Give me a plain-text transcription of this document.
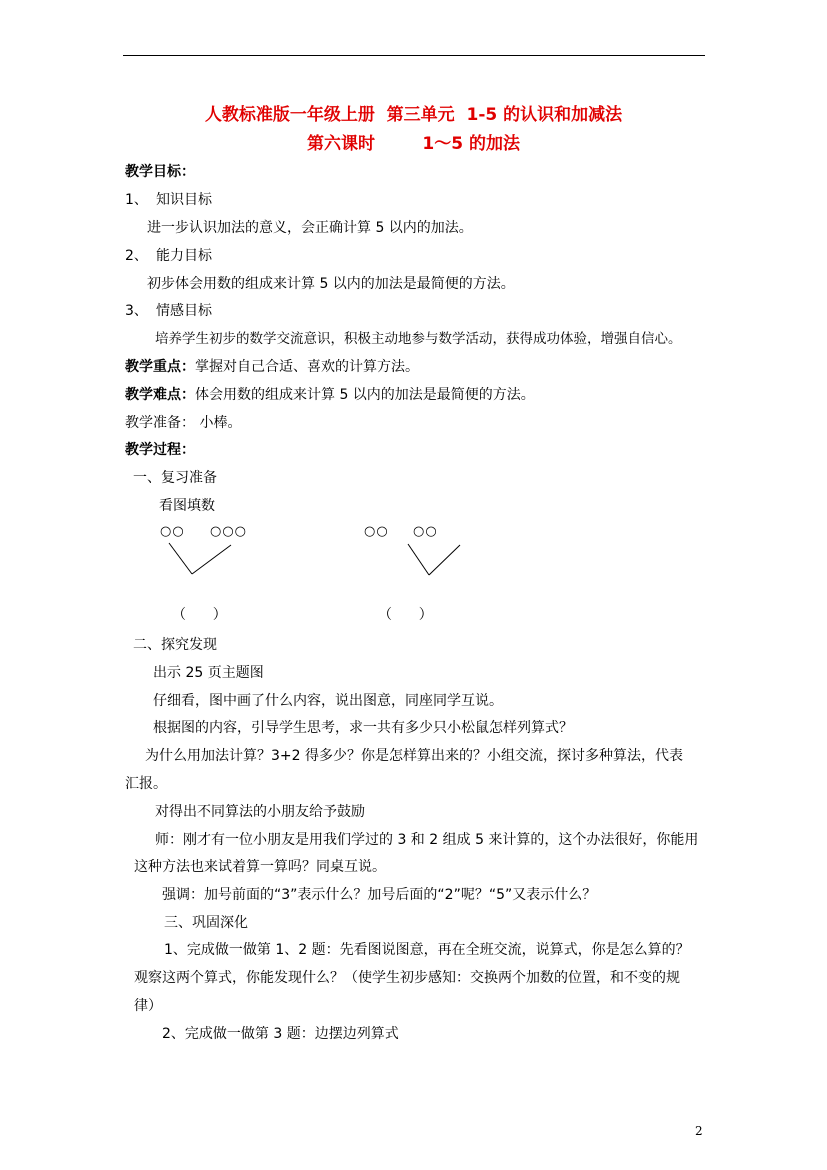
人教标准版一年级上册  第三单元  1-5 的认识和加减法
第六课时        1～5 的加法
教学目标：
1、 知识目标
进一步认识加法的意义，会正确计算 5 以内的加法。
2、 能力目标
初步体会用数的组成来计算 5 以内的加法是最简便的方法。
3、 情感目标
培养学生初步的数学交流意识，积极主动地参与数学活动，获得成功体验，增强自信心。
教学重点：掌握对自己合适、喜欢的计算方法。
教学难点：体会用数的组成来计算 5 以内的加法是最简便的方法。
教学准备： 小棒。
教学过程：
一、复习准备
看图填数
○○ ○○○	○○ ○○
（      ）	（      ）
二、探究发现
出示 25 页主题图
仔细看，图中画了什么内容，说出图意，同座同学互说。
根据图的内容，引导学生思考，求一共有多少只小松鼠怎样列算式？
为什么用加法计算？3+2 得多少？你是怎样算出来的？小组交流，探讨多种算法，代表
汇报。
对得出不同算法的小朋友给予鼓励
师：刚才有一位小朋友是用我们学过的 3 和 2 组成 5 来计算的，这个办法很好，你能用
这种方法也来试着算一算吗？同桌互说。
强调：加号前面的“3”表示什么？加号后面的“2”呢？“5”又表示什么？
三、巩固深化
1、完成做一做第 1、2 题：先看图说图意，再在全班交流，说算式，你是怎么算的？
观察这两个算式，你能发现什么？（使学生初步感知：交换两个加数的位置，和不变的规
律）
2、完成做一做第 3 题：边摆边列算式
2
